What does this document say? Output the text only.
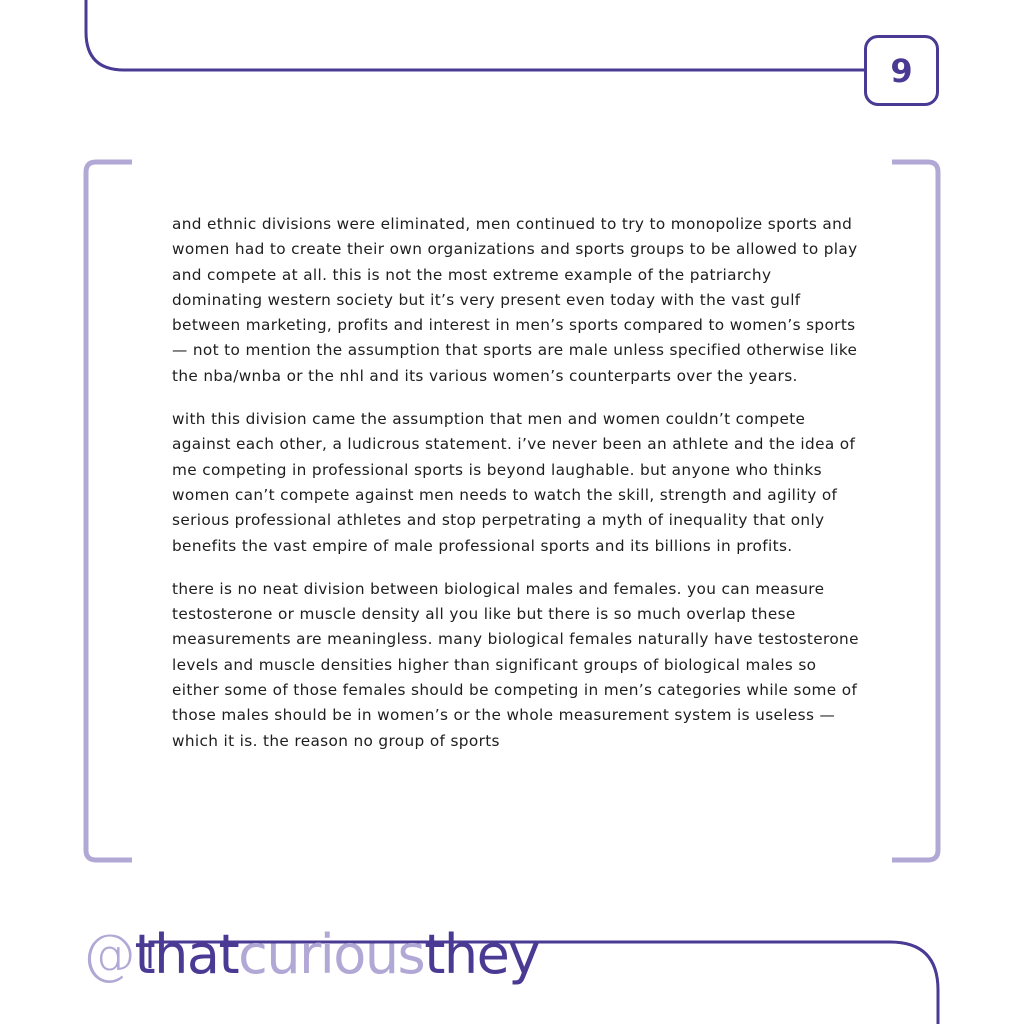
9

and ethnic divisions were eliminated, men continued to try to monopolize sports and women had to create their own organizations and sports groups to be allowed to play and compete at all. this is not the most extreme example of the patriarchy dominating western society but it’s very present even today with the vast gulf between marketing, profits and interest in men’s sports compared to women’s sports — not to mention the assumption that sports are male unless specified otherwise like the nba/wnba or the nhl and its various women’s counterparts over the years.

with this division came the assumption that men and women couldn’t compete against each other, a ludicrous statement. i’ve never been an athlete and the idea of me competing in professional sports is beyond laughable. but anyone who thinks women can’t compete against men needs to watch the skill, strength and agility of serious professional athletes and stop perpetrating a myth of inequality that only benefits the vast empire of male professional sports and its billions in profits.

there is no neat division between biological males and females. you can measure testosterone or muscle density all you like but there is so much overlap these measurements are meaningless. many biological females naturally have testosterone levels and muscle densities higher than significant groups of biological males so either some of those females should be competing in men’s categories while some of those males should be in women’s or the whole measurement system is useless — which it is. the reason no group of sports

@thatcuriousthey
